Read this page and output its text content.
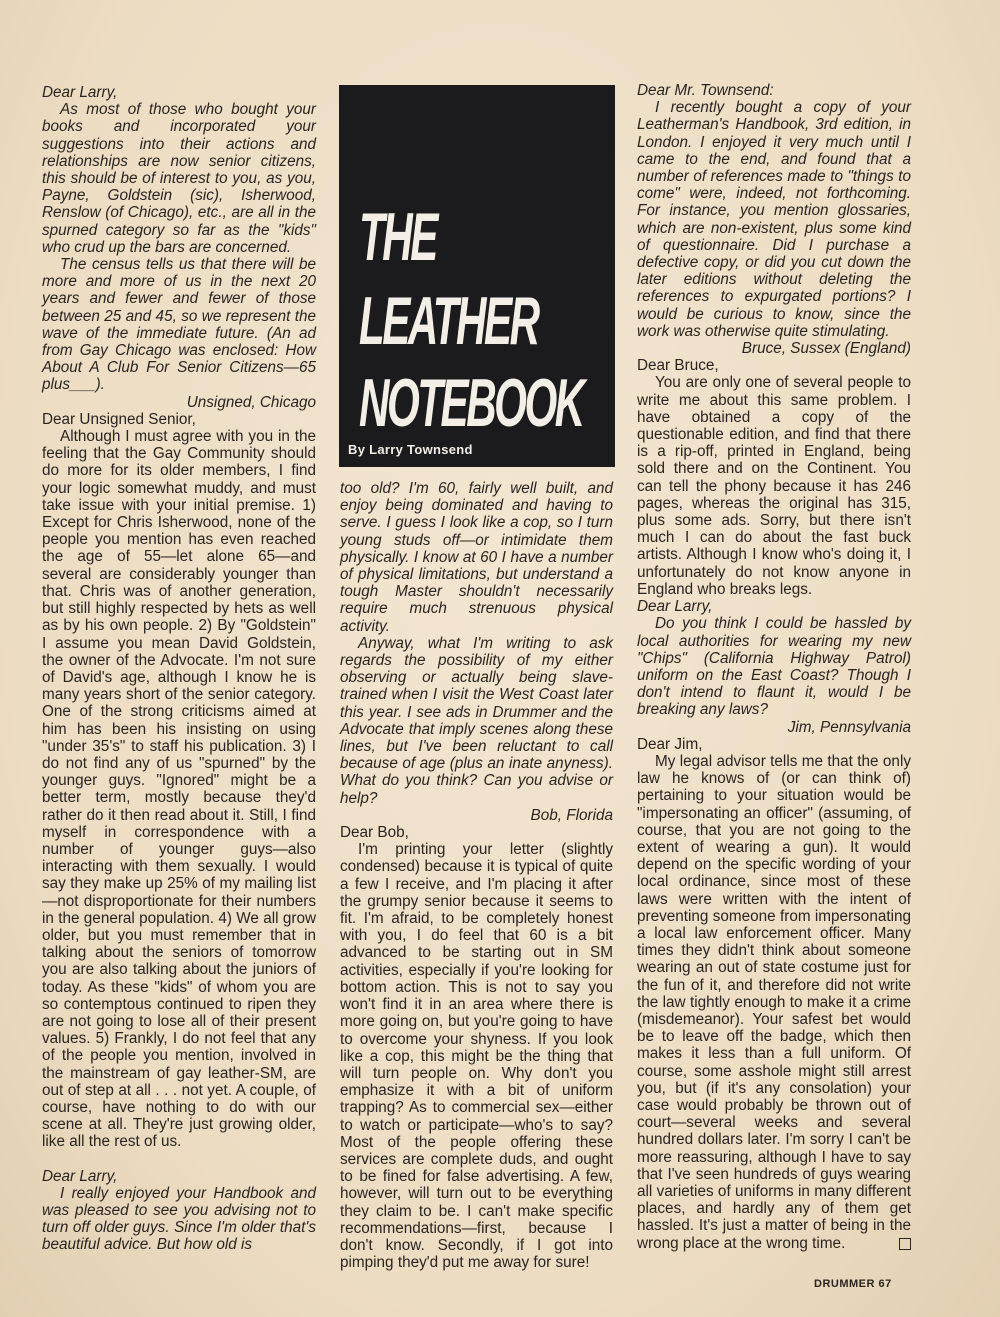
Dear Larry,

As most of those who bought your books and incorporated your suggestions into their actions and relationships are now senior citizens, this should be of interest to you, as you, Payne, Goldstein (sic), Isherwood, Renslow (of Chicago), etc., are all in the spurned category so far as the "kids" who crud up the bars are concerned.

The census tells us that there will be more and more of us in the next 20 years and fewer and fewer of those between 25 and 45, so we represent the wave of the immediate future. (An ad from Gay Chicago was enclosed: How About A Club For Senior Citizens—65 plus___).

Unsigned, Chicago

Dear Unsigned Senior,

Although I must agree with you in the feeling that the Gay Community should do more for its older members, I find your logic somewhat muddy, and must take issue with your initial premise. 1) Except for Chris Isherwood, none of the people you mention has even reached the age of 55—let alone 65—and several are considerably younger than that. Chris was of another generation, but still highly respected by hets as well as by his own people. 2) By "Goldstein" I assume you mean David Goldstein, the owner of the Advocate. I'm not sure of David's age, although I know he is many years short of the senior category. One of the strong criticisms aimed at him has been his insisting on using "under 35's" to staff his publication. 3) I do not find any of us "spurned" by the younger guys. "Ignored" might be a better term, mostly because they'd rather do it then read about it. Still, I find myself in correspondence with a number of younger guys—also interacting with them sexually. I would say they make up 25% of my mailing list—not disproportionate for their numbers in the general population. 4) We all grow older, but you must remember that in talking about the seniors of tomorrow you are also talking about the juniors of today. As these "kids" of whom you are so contemptous continued to ripen they are not going to lose all of their present values. 5) Frankly, I do not feel that any of the people you mention, involved in the mainstream of gay leather-SM, are out of step at all . . . not yet. A couple, of course, have nothing to do with our scene at all. They're just growing older, like all the rest of us.

Dear Larry,

I really enjoyed your Handbook and was pleased to see you advising not to turn off older guys. Since I'm older that's beautiful advice. But how old is

THE
LEATHER
NOTEBOOK
By Larry Townsend

too old? I'm 60, fairly well built, and enjoy being dominated and having to serve. I guess I look like a cop, so I turn young studs off—or intimidate them physically. I know at 60 I have a number of physical limitations, but understand a tough Master shouldn't necessarily require much strenuous physical activity.

Anyway, what I'm writing to ask regards the possibility of my either observing or actually being slave-trained when I visit the West Coast later this year. I see ads in Drummer and the Advocate that imply scenes along these lines, but I've been reluctant to call because of age (plus an inate anyness). What do you think? Can you advise or help?

Bob, Florida

Dear Bob,

I'm printing your letter (slightly condensed) because it is typical of quite a few I receive, and I'm placing it after the grumpy senior because it seems to fit. I'm afraid, to be completely honest with you, I do feel that 60 is a bit advanced to be starting out in SM activities, especially if you're looking for bottom action. This is not to say you won't find it in an area where there is more going on, but you're going to have to overcome your shyness. If you look like a cop, this might be the thing that will turn people on. Why don't you emphasize it with a bit of uniform trapping? As to commercial sex—either to watch or participate—who's to say? Most of the people offering these services are complete duds, and ought to be fined for false advertising. A few, however, will turn out to be everything they claim to be. I can't make specific recommendations—first, because I don't know. Secondly, if I got into pimping they'd put me away for sure!

Dear Mr. Townsend:

I recently bought a copy of your Leatherman's Handbook, 3rd edition, in London. I enjoyed it very much until I came to the end, and found that a number of references made to "things to come" were, indeed, not forthcoming. For instance, you mention glossaries, which are non-existent, plus some kind of questionnaire. Did I purchase a defective copy, or did you cut down the later editions without deleting the references to expurgated portions? I would be curious to know, since the work was otherwise quite stimulating.

Bruce, Sussex (England)

Dear Bruce,

You are only one of several people to write me about this same problem. I have obtained a copy of the questionable edition, and find that there is a rip-off, printed in England, being sold there and on the Continent. You can tell the phony because it has 246 pages, whereas the original has 315, plus some ads. Sorry, but there isn't much I can do about the fast buck artists. Although I know who's doing it, I unfortunately do not know anyone in England who breaks legs.

Dear Larry,

Do you think I could be hassled by local authorities for wearing my new "Chips" (California Highway Patrol) uniform on the East Coast? Though I don't intend to flaunt it, would I be breaking any laws?

Jim, Pennsylvania

Dear Jim,

My legal advisor tells me that the only law he knows of (or can think of) pertaining to your situation would be "impersonating an officer" (assuming, of course, that you are not going to the extent of wearing a gun). It would depend on the specific wording of your local ordinance, since most of these laws were written with the intent of preventing someone from impersonating a local law enforcement officer. Many times they didn't think about someone wearing an out of state costume just for the fun of it, and therefore did not write the law tightly enough to make it a crime (misdemeanor). Your safest bet would be to leave off the badge, which then makes it less than a full uniform. Of course, some asshole might still arrest you, but (if it's any consolation) your case would probably be thrown out of court—several weeks and several hundred dollars later. I'm sorry I can't be more reassuring, although I have to say that I've seen hundreds of guys wearing all varieties of uniforms in many different places, and hardly any of them get hassled. It's just a matter of being in the wrong place at the wrong time.

DRUMMER 67
